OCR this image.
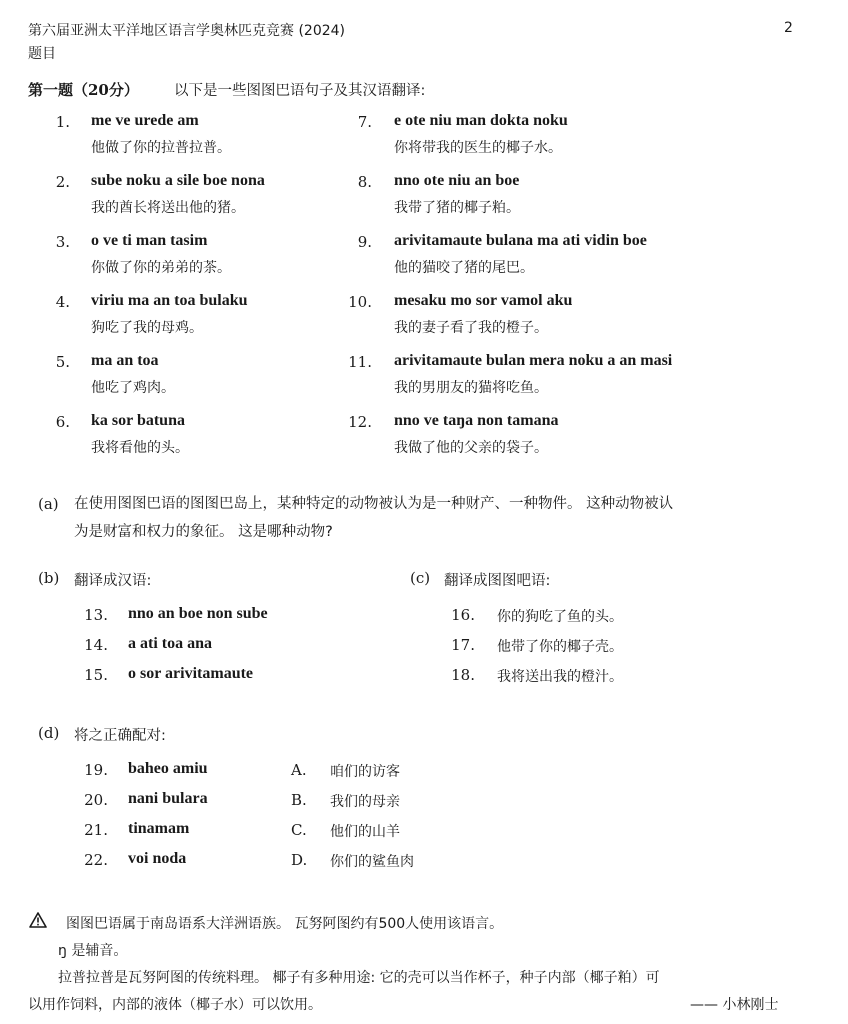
第六届亚洲太平洋地区语言学奥林匹克竞赛 (2024)
题目
2
第一题（20分） 以下是一些图图巴语句子及其汉语翻译:
1. me ve urede am
他做了你的拉普拉普。
2. sube noku a sile boe nona
我的酋长将送出他的猪。
3. o ve ti man tasim
你做了你的弟弟的茶。
4. viriu ma an toa bulaku
狗吃了我的母鸡。
5. ma an toa
他吃了鸡肉。
6. ka sor batuna
我将看他的头。
7. e ote niu man dokta noku
你将带我的医生的椰子水。
8. nno ote niu an boe
我带了猪的椰子粕。
9. arivitamaute bulana ma ati vidin boe
他的猫咬了猪的尾巴。
10. mesaku mo sor vamol aku
我的妻子看了我的橙子。
11. arivitamaute bulan mera noku a an masi
我的男朋友的猫将吃鱼。
12. nno ve taŋa non tamana
我做了他的父亲的袋子。
(a) 在使用图图巴语的图图巴岛上，某种特定的动物被认为是一种财产、一种物件。 这种动物被认
为是财富和权力的象征。 这是哪种动物?
(b) 翻译成汉语:
13. nno an boe non sube
14. a ati toa ana
15. o sor arivitamaute
(c) 翻译成图图吧语:
16. 你的狗吃了鱼的头。
17. 他带了你的椰子壳。
18. 我将送出我的橙汁。
(d) 将之正确配对:
19. baheo amiu	A.	咱们的访客
20. nani bulara	B.	我们的母亲
21. tinamam	C.	他们的山羊
22. voi noda	D.	你们的鲨鱼肉
图图巴语属于南岛语系大洋洲语族。 瓦努阿图约有500人使用该语言。
ŋ 是辅音。
拉普拉普是瓦努阿图的传统料理。 椰子有多种用途: 它的壳可以当作杯子，种子内部（椰子粕）可
以用作饲料，内部的液体（椰子水）可以饮用。	—— 小林刚士
